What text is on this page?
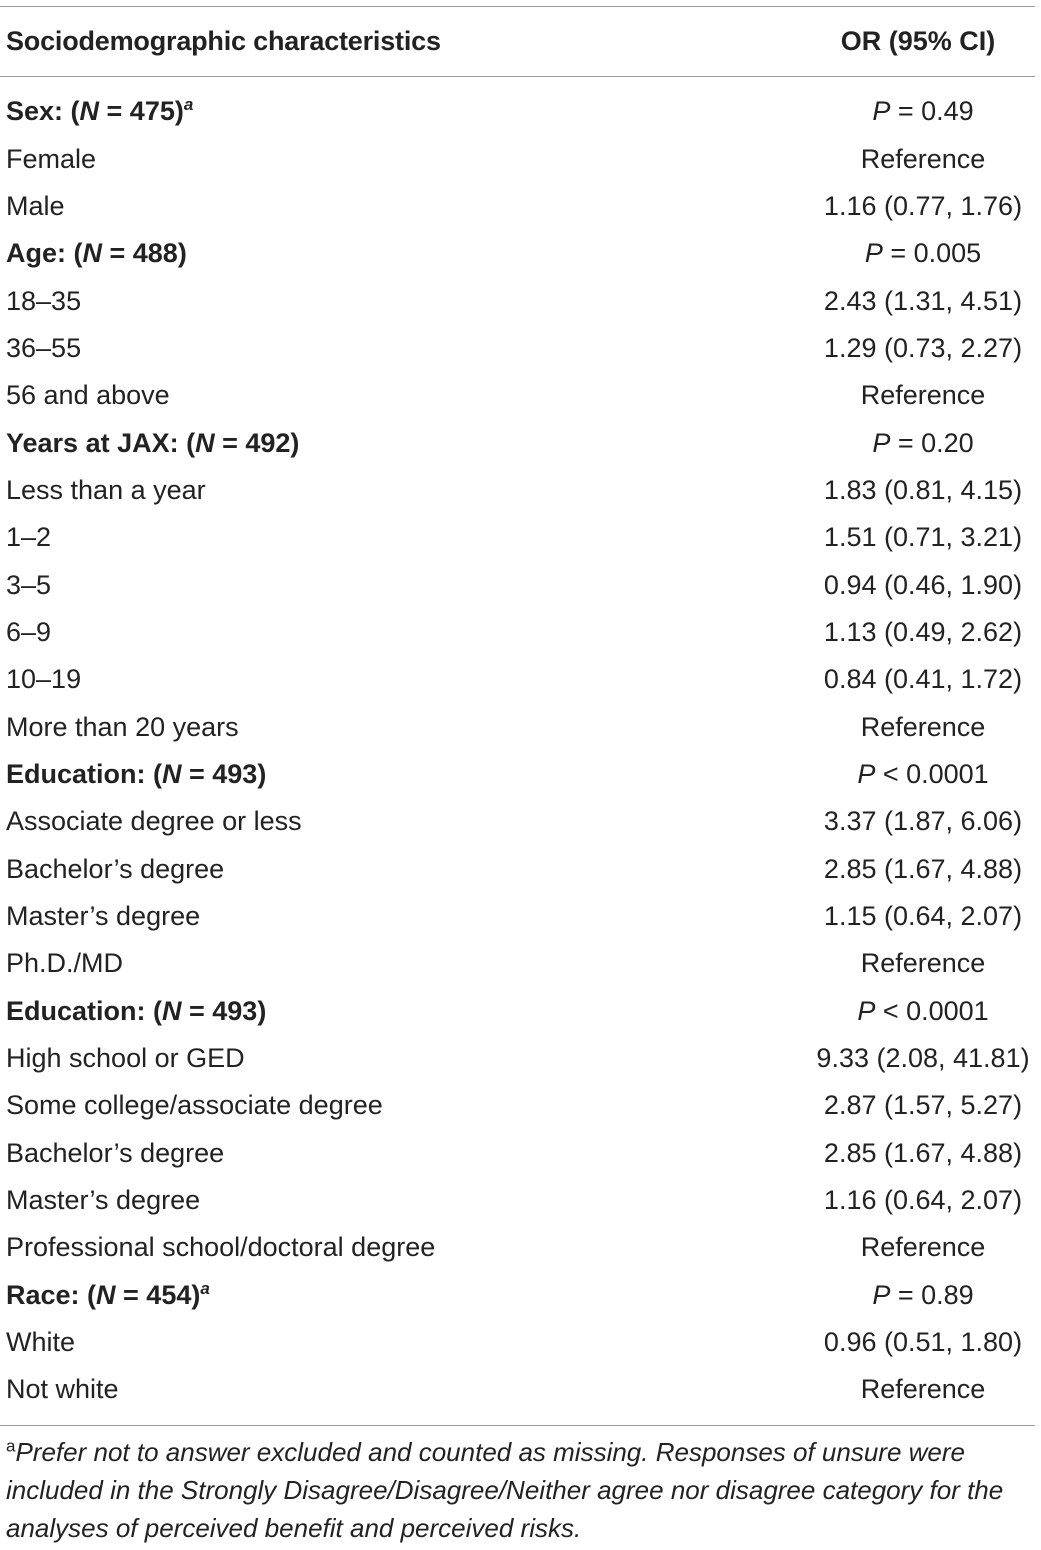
Sociodemographic characteristics	OR (95% CI)
Sex: (N = 475)$^a$	P = 0.49
Female	Reference
Male	1.16 (0.77, 1.76)
Age: (N = 488)	P = 0.005
18–35	2.43 (1.31, 4.51)
36–55	1.29 (0.73, 2.27)
56 and above	Reference
Years at JAX: (N = 492)	P = 0.20
Less than a year	1.83 (0.81, 4.15)
1–2	1.51 (0.71, 3.21)
3–5	0.94 (0.46, 1.90)
6–9	1.13 (0.49, 2.62)
10–19	0.84 (0.41, 1.72)
More than 20 years	Reference
Education: (N = 493)	P < 0.0001
Associate degree or less	3.37 (1.87, 6.06)
Bachelor’s degree	2.85 (1.67, 4.88)
Master’s degree	1.15 (0.64, 2.07)
Ph.D./MD	Reference
Education: (N = 493)	P < 0.0001
High school or GED	9.33 (2.08, 41.81)
Some college/associate degree	2.87 (1.57, 5.27)
Bachelor’s degree	2.85 (1.67, 4.88)
Master’s degree	1.16 (0.64, 2.07)
Professional school/doctoral degree	Reference
Race: (N = 454)$^a$	P = 0.89
White	0.96 (0.51, 1.80)
Not white	Reference
$^a$Prefer not to answer excluded and counted as missing. Responses of unsure were included in the Strongly Disagree/Disagree/Neither agree nor disagree category for the analyses of perceived benefit and perceived risks.
